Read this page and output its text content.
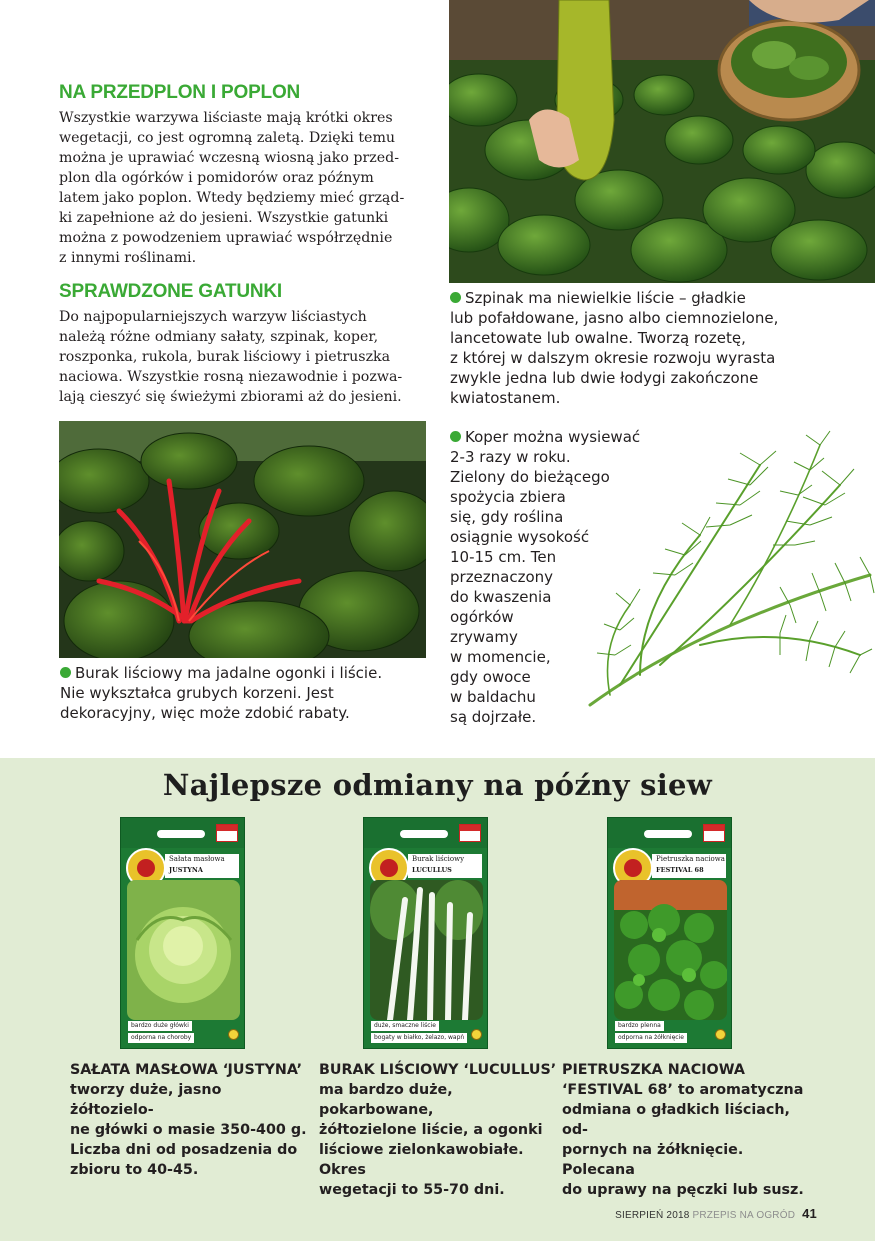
NA PRZEDPLON I POPLON
Wszystkie warzywa liściaste mają krótki okres
wegetacji, co jest ogromną zaletą. Dzięki temu
można je uprawiać wczesną wiosną jako przed-
plon dla ogórków i pomidorów oraz późnym
latem jako poplon. Wtedy będziemy mieć grząd-
ki zapełnione aż do jesieni. Wszystkie gatunki
można z powodzeniem uprawiać współrzędnie
z innymi roślinami.
SPRAWDZONE GATUNKI
Do najpopularniejszych warzyw liściastych
należą różne odmiany sałaty, szpinak, koper,
roszponka, rukola, burak liściowy i pietruszka
naciowa. Wszystkie rosną niezawodnie i pozwa-
lają cieszyć się świeżymi zbiorami aż do jesieni.
Szpinak ma niewielkie liście – gładkie
lub pofałdowane, jasno albo ciemnozielone,
lancetowate lub owalne. Tworzą rozetę,
z której w dalszym okresie rozwoju wyrasta
zwykle jedna lub dwie łodygi zakończone
kwiatostanem.
Burak liściowy ma jadalne ogonki i liście.
Nie wykształca grubych korzeni. Jest
dekoracyjny, więc może zdobić rabaty.
Koper można wysiewać
2-3 razy w roku.
Zielony do bieżącego
spożycia zbiera
się, gdy roślina
osiągnie wysokość
10-15 cm. Ten
przeznaczony
do kwaszenia
ogórków
zrywamy
w momencie,
gdy owoce
w baldachu
są dojrzałe.
Najlepsze odmiany na późny siew
Sałata masłowa
JUSTYNA
bardzo duże główki
odporna na choroby
Burak liściowy
LUCULLUS
duże, smaczne liście
bogaty w białko, żelazo, wapń
Pietruszka naciowa
FESTIVAL 68
bardzo plenna
odporna na żółknięcie
SAŁATA MASŁOWA ‘JUSTYNA’
tworzy duże, jasno żółtozielo-
ne główki o masie 350-400 g.
Liczba dni od posadzenia do
zbioru to 40-45.
BURAK LIŚCIOWY ‘LUCULLUS’
ma bardzo duże, pokarbowane,
żółtozielone liście, a ogonki
liściowe zielonkawobiałe. Okres
wegetacji to 55-70 dni.
PIETRUSZKA NACIOWA
‘FESTIVAL 68’ to aromatyczna
odmiana o gładkich liściach, od-
pornych na żółknięcie. Polecana
do uprawy na pęczki lub susz.
SIERPIEŃ 2018 PRZEPIS NA OGRÓD 41
